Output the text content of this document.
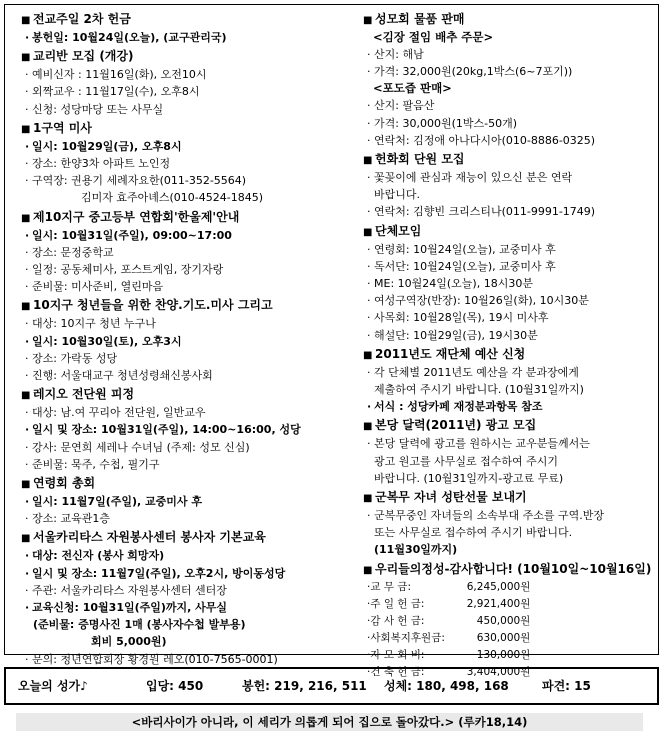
■ 전교주일 2차 헌금
· 봉헌일: 10월24일(오늘), (교구관리국)
■ 교리반 모집 (개강)
· 예비신자 : 11월16일(화), 오전10시
· 외짝교우 : 11월17일(수), 오후8시
· 신청: 성당마당 또는 사무실
■ 1구역 미사
· 일시: 10월29일(금), 오후8시
· 장소: 한양3차 아파트 노인정
· 구역장: 권용기 세례자요한(011-352-5564)
김미자 효주아녜스(010-4524-1845)
■ 제10지구 중고등부 연합회'한울제'안내
· 일시: 10월31일(주일), 09:00~17:00
· 장소: 문정중학교
· 일정: 공동체미사, 포스트게임, 장기자랑
· 준비물: 미사준비, 열린마음
■ 10지구 청년들을 위한 찬양.기도.미사 그리고
· 대상: 10지구 청년 누구나
· 일시: 10월30일(토), 오후3시
· 장소: 가락동 성당
· 진행: 서울대교구 청년성령쇄신봉사회
■ 레지오 전단원 피정
· 대상: 남.여 꾸리아 전단원, 일반교우
· 일시 및 장소: 10월31일(주일), 14:00~16:00, 성당
· 강사: 문연희 세레나 수녀님 (주제: 성모 신심)
· 준비물: 묵주, 수첩, 필기구
■ 연령회 총회
· 일시: 11월7일(주일), 교중미사 후
· 장소: 교육관1층
■ 서울카리타스 자원봉사센터 봉사자 기본교육
· 대상: 전신자 (봉사 희망자)
· 일시 및 장소: 11월7일(주일), 오후2시, 방이동성당
· 주관: 서울카리타스 자원봉사센터 센터장
· 교육신청: 10월31일(주일)까지, 사무실
(준비물: 증명사진 1매 (봉사자수첩 발부용)
회비 5,000원)
· 문의: 청년연합회장 황경원 레오(010-7565-0001)
■ 성모회 물품 판매
<김장 절임 배추 주문>
· 산지: 해남
· 가격: 32,000원(20kg,1박스(6~7포기))
<포도즙 판매>
· 산지: 팔음산
· 가격: 30,000원(1박스-50개)
· 연락처: 김정애 아나다시아(010-8886-0325)
■ 헌화회 단원 모집
· 꽃꽂이에 관심과 재능이 있으신 분은 연락
바랍니다.
· 연락처: 김향빈 크리스티나(011-9991-1749)
■ 단체모임
· 연령회: 10월24일(오늘), 교중미사 후
· 독서단: 10월24일(오늘), 교중미사 후
· ME: 10월24일(오늘), 18시30분
· 여성구역장(반장): 10월26일(화), 10시30분
· 사목회: 10월28일(목), 19시 미사후
· 해설단: 10월29일(금), 19시30분
■ 2011년도 재단체 예산 신청
· 각 단체별 2011년도 예산을 각 분과장에게
제출하여 주시기 바랍니다. (10월31일까지)
· 서식 : 성당카페 재정분과항목 참조
■ 본당 달력(2011년) 광고 모집
· 본당 달력에 광고를 원하시는 교우분들께서는
광고 원고를 사무실로 접수하여 주시기
바랍니다. (10월31일까지-광고료 무료)
■ 군복무 자녀 성탄선물 보내기
· 군복무중인 자녀들의 소속부대 주소를 구역.반장
또는 사무실로 접수하여 주시기 바랍니다.
(11월30일까지)
■ 우리들의정성-감사합니다! (10월10일~10월16일)
· 교 무 금:	6,245,000원
· 주 일 헌 금:	2,921,400원
· 감 사 헌 금:	450,000원
· 사회복지후원금:	630,000원
· 자 모 회 비:	130,000원
· 건 축 헌 금:	3,404,000원
오늘의 성가♪	입당: 450	봉헌: 219, 216, 511 성체: 180, 498, 168	파견: 15
<바리사이가 아니라, 이 세리가 의롭게 되어 집으로 돌아갔다.> (루카18,14)
